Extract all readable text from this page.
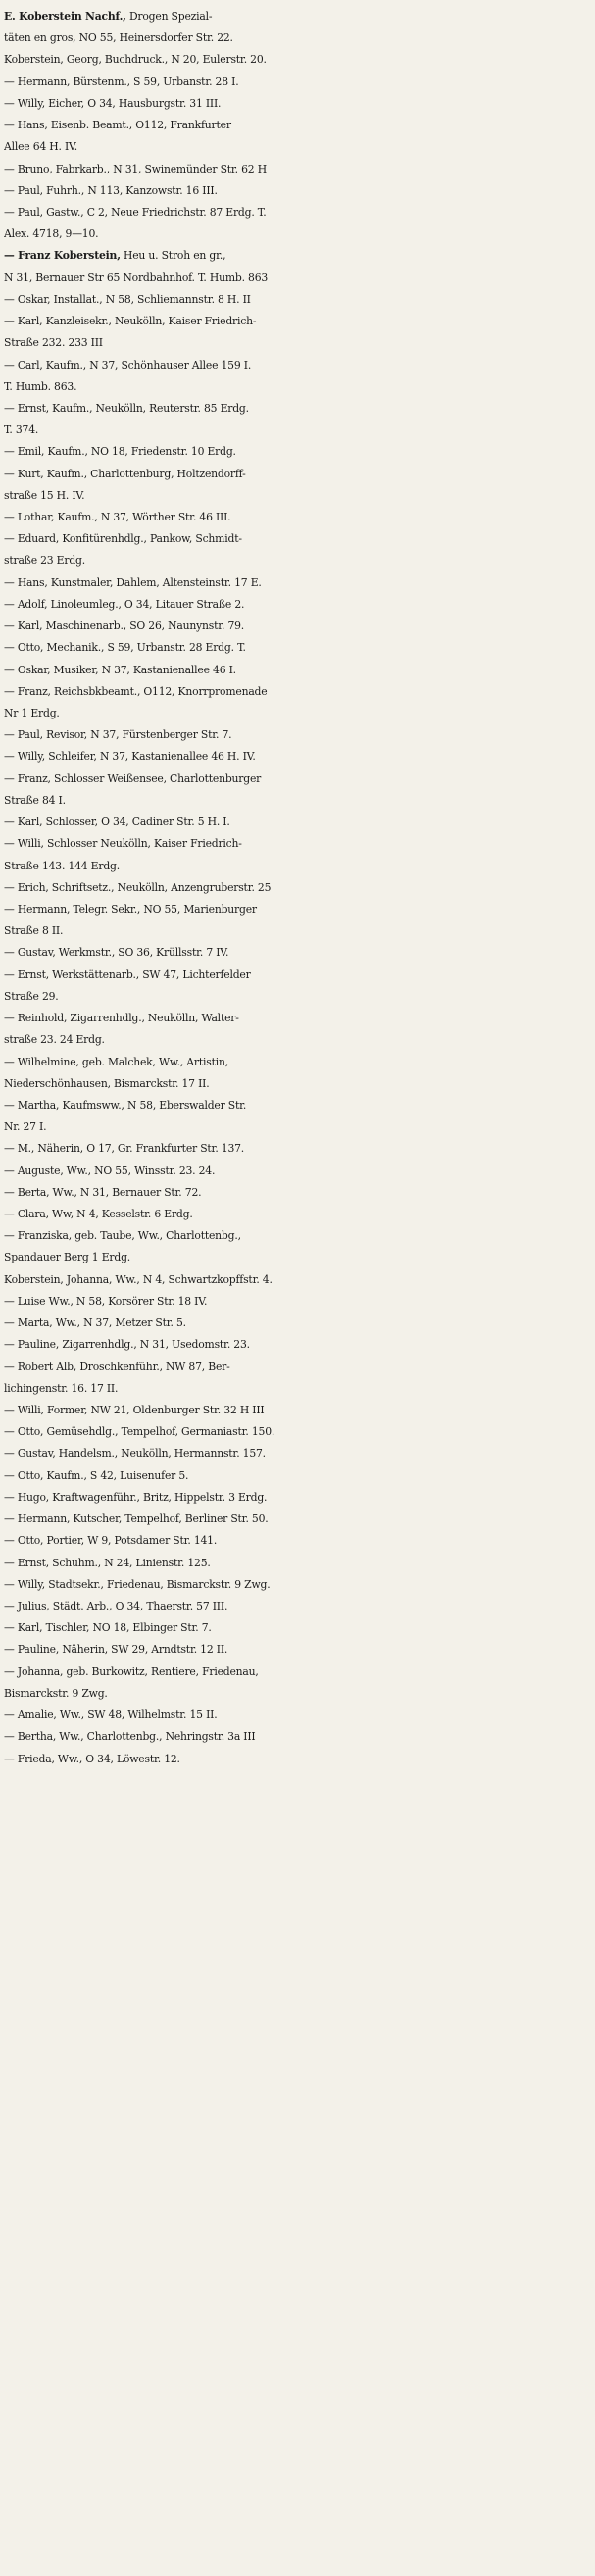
E. Koberstein Nachf., Drogen Spezial-
täten en gros, NO 55, Heinersdorfer Str. 22.
Koberstein, Georg, Buchdruck., N 20, Eulerstr. 20.
— Hermann, Bürstenm., S 59, Urbanstr. 28 I.
— Willy, Eicher, O 34, Hausburgstr. 31 III.
— Hans, Eisenb. Beamt., O112, Frankfurter
Allee 64 H. IV.
— Bruno, Fabrkarb., N 31, Swinemünder Str. 62 H
— Paul, Fuhrh., N 113, Kanzowstr. 16 III.
— Paul, Gastw., C 2, Neue Friedrichstr. 87 Erdg. T.
Alex. 4718, 9—10.
— Franz Koberstein, Heu u. Stroh en gr.,
N 31, Bernauer Str 65 Nordbahnhof. T. Humb. 863
— Oskar, Installat., N 58, Schliemannstr. 8 H. II
— Karl, Kanzleisekr., Neukölln, Kaiser Friedrich-
Straße 232. 233 III
— Carl, Kaufm., N 37, Schönhauser Allee 159 I.
T. Humb. 863.
— Ernst, Kaufm., Neukölln, Reuterstr. 85 Erdg.
T. 374.
— Emil, Kaufm., NO 18, Friedenstr. 10 Erdg.
— Kurt, Kaufm., Charlottenburg, Holtzendorff-
straße 15 H. IV.
— Lothar, Kaufm., N 37, Wörther Str. 46 III.
— Eduard, Konfitürenhdlg., Pankow, Schmidt-
straße 23 Erdg.
— Hans, Kunstmaler, Dahlem, Altensteinstr. 17 E.
— Adolf, Linoleumleg., O 34, Litauer Straße 2.
— Karl, Maschinenarb., SO 26, Naunynstr. 79.
— Otto, Mechanik., S 59, Urbanstr. 28 Erdg. T.
— Oskar, Musiker, N 37, Kastanienallee 46 I.
— Franz, Reichsbkbeamt., O112, Knorrpromenade
Nr 1 Erdg.
— Paul, Revisor, N 37, Fürstenberger Str. 7.
— Willy, Schleifer, N 37, Kastanienallee 46 H. IV.
— Franz, Schlosser Weißensee, Charlottenburger
Straße 84 I.
— Karl, Schlosser, O 34, Cadiner Str. 5 H. I.
— Willi, Schlosser Neukölln, Kaiser Friedrich-
Straße 143. 144 Erdg.
— Erich, Schriftsetz., Neukölln, Anzengruberstr. 25
— Hermann, Telegr. Sekr., NO 55, Marienburger
Straße 8 II.
— Gustav, Werkmstr., SO 36, Krüllsstr. 7 IV.
— Ernst, Werkstättenarb., SW 47, Lichterfelder
Straße 29.
— Reinhold, Zigarrenhdlg., Neukölln, Walter-
straße 23. 24 Erdg.
— Wilhelmine, geb. Malchek, Ww., Artistin,
Niederschönhausen, Bismarckstr. 17 II.
— Martha, Kaufmsww., N 58, Eberswalder Str.
Nr. 27 I.
— M., Näherin, O 17, Gr. Frankfurter Str. 137.
— Auguste, Ww., NO 55, Winsstr. 23. 24.
— Berta, Ww., N 31, Bernauer Str. 72.
— Clara, Ww, N 4, Kesselstr. 6 Erdg.
— Franziska, geb. Taube, Ww., Charlottenbg.,
Spandauer Berg 1 Erdg.
Koberstein, Johanna, Ww., N 4, Schwartzkopffstr. 4.
— Luise Ww., N 58, Korsörer Str. 18 IV.
— Marta, Ww., N 37, Metzer Str. 5.
— Pauline, Zigarrenhdlg., N 31, Usedomstr. 23.
— Robert Alb, Droschkenführ., NW 87, Ber-
lichingenstr. 16. 17 II.
— Willi, Former, NW 21, Oldenburger Str. 32 H III
— Otto, Gemüsehdlg., Tempelhof, Germaniastr. 150.
— Gustav, Handelsm., Neukölln, Hermannstr. 157.
— Otto, Kaufm., S 42, Luisenufer 5.
— Hugo, Kraftwagenführ., Britz, Hippelstr. 3 Erdg.
— Hermann, Kutscher, Tempelhof, Berliner Str. 50.
— Otto, Portier, W 9, Potsdamer Str. 141.
— Ernst, Schuhm., N 24, Linienstr. 125.
— Willy, Stadtsekr., Friedenau, Bismarckstr. 9 Zwg.
— Julius, Städt. Arb., O 34, Thaerstr. 57 III.
— Karl, Tischler, NO 18, Elbinger Str. 7.
— Pauline, Näherin, SW 29, Arndtstr. 12 II.
— Johanna, geb. Burkowitz, Rentiere, Friedenau,
Bismarckstr. 9 Zwg.
— Amalie, Ww., SW 48, Wilhelmstr. 15 II.
— Bertha, Ww., Charlottenbg., Nehringstr. 3a III
— Frieda, Ww., O 34, Löwestr. 12.
